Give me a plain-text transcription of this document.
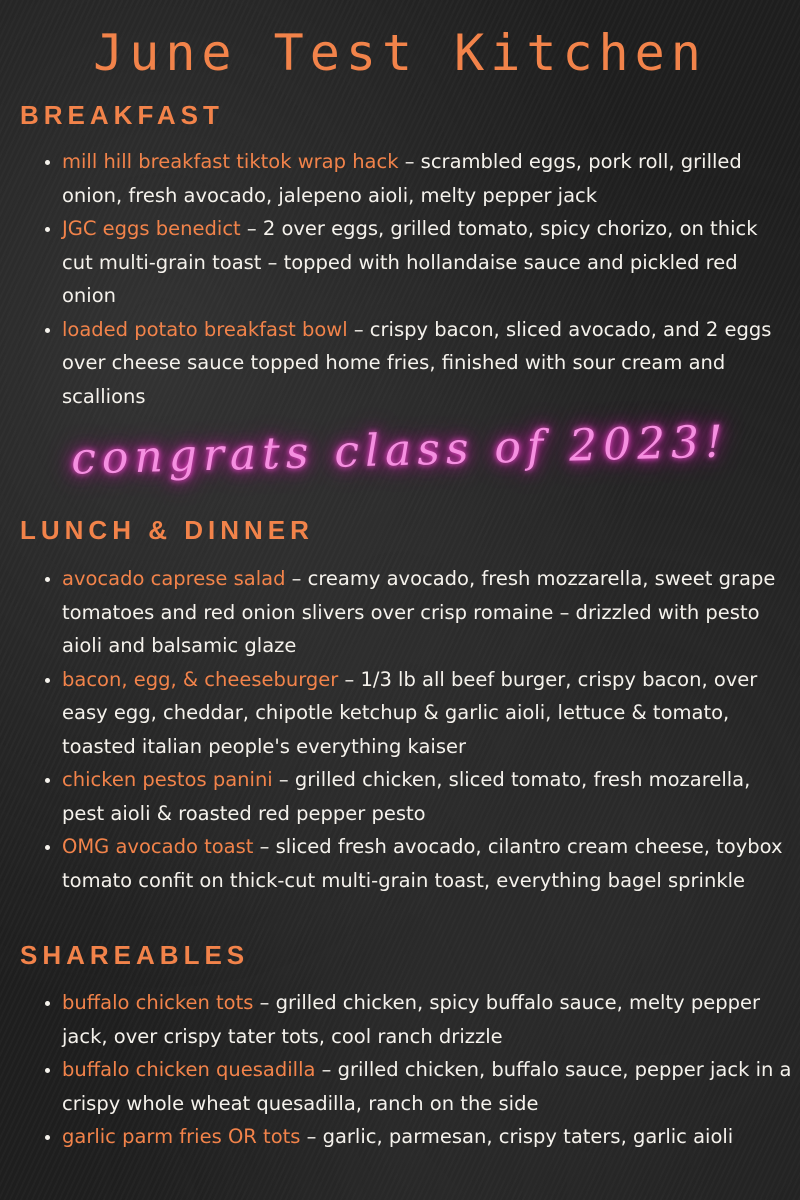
June Test Kitchen
BREAKFAST
• mill hill breakfast tiktok wrap hack – scrambled eggs, pork roll, grilled onion, fresh avocado, jalepeno aioli, melty pepper jack
• JGC eggs benedict – 2 over eggs, grilled tomato, spicy chorizo, on thick cut multi-grain toast – topped with hollandaise sauce and pickled red onion
• loaded potato breakfast bowl – crispy bacon, sliced avocado, and 2 eggs over cheese sauce topped home fries, finished with sour cream and scallions
congrats class of 2023!
LUNCH & DINNER
• avocado caprese salad – creamy avocado, fresh mozzarella, sweet grape tomatoes and red onion slivers over crisp romaine – drizzled with pesto aioli and balsamic glaze
• bacon, egg, & cheeseburger – 1/3 lb all beef burger, crispy bacon, over easy egg, cheddar, chipotle ketchup & garlic aioli, lettuce & tomato, toasted italian people's everything kaiser
• chicken pestos panini – grilled chicken, sliced tomato, fresh mozarella, pest aioli & roasted red pepper pesto
• OMG avocado toast – sliced fresh avocado, cilantro cream cheese, toybox tomato confit on thick-cut multi-grain toast, everything bagel sprinkle
SHAREABLES
• buffalo chicken tots – grilled chicken, spicy buffalo sauce, melty pepper jack, over crispy tater tots, cool ranch drizzle
• buffalo chicken quesadilla – grilled chicken, buffalo sauce, pepper jack in a crispy whole wheat quesadilla, ranch on the side
• garlic parm fries OR tots – garlic, parmesan, crispy taters, garlic aioli
